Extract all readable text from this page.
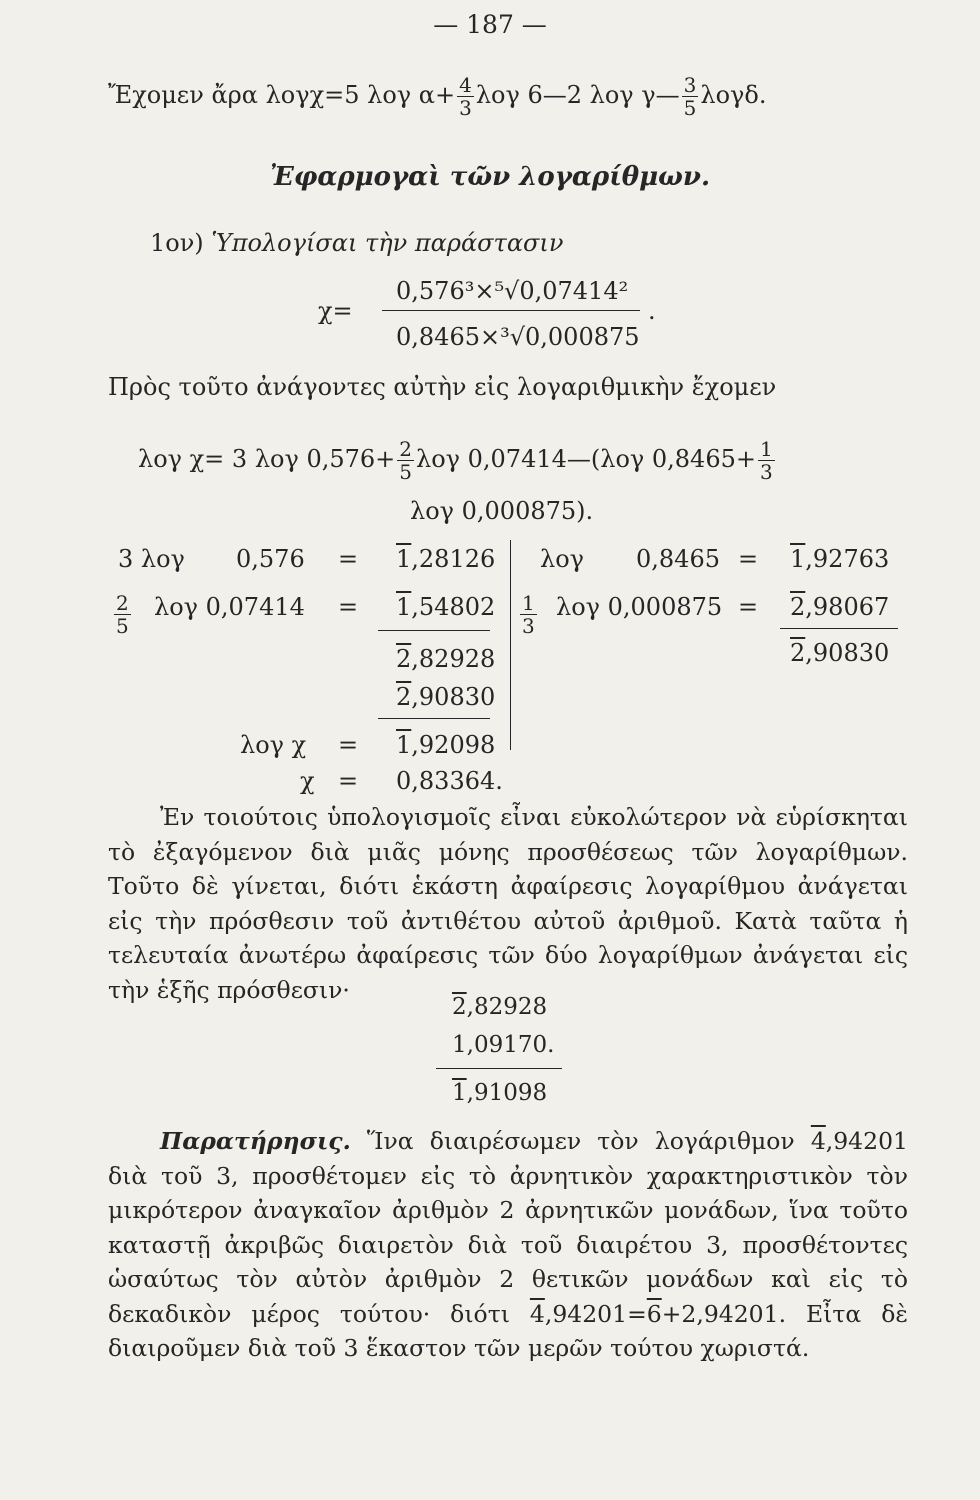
— 187 —
Ἔχομεν ἄρα λογχ=5 λογ $\alpha+ \frac{4}{3}$ λογ 6—2 λογ γ— $\frac{3}{5} \lambda o\gamma\delta$.
Ἐφαρμογαὶ τῶν λογαρίθμων.
1ον) Ὑπολογίσαι τὴν παράστασιν
χ=
0,576³×⁵√0,07414²
0,8465×³√0,000875
.
Πρὸς τοῦτο ἀνάγοντες αὐτὴν εἰς λογαριθμικὴν ἔχομεν
λογ χ= 3 λογ $0,576+ \frac{2}{5}$ λογ 0,07414—(λογ $0,8465+ \frac{1}{3}$
λογ 0,000875).
3 λογ 0,576 = 1,28126
$\frac{2}{5}$ λογ 0,07414 = 1,54802
2,82928
2,90830
λογ χ = 1,92098
χ = 0,83364.
λογ 0,8465 = 1,92763
$\frac{1}{3}$ λογ 0,000875 = 2,98067
2,90830

Ἐν τοιούτοις ὑπολογισμοῖς εἶναι εὐκολώτερον νὰ εὑρίσκηται τὸ ἐξαγόμενον διὰ μιᾶς μόνης προσθέσεως τῶν λογαρίθμων. Τοῦτο δὲ γίνεται, διότι ἑκάστη ἀφαίρεσις λογαρίθμου ἀνάγεται εἰς τὴν πρόσθεσιν τοῦ ἀντιθέτου αὐτοῦ ἀριθμοῦ. Κατὰ ταῦτα ἡ τελευταία ἀνωτέρω ἀφαίρεσις τῶν δύο λογαρίθμων ἀνάγεται εἰς τὴν ἑξῆς πρόσθεσιν·

2,82928
1,09170.
1,91098

Παρατήρησις. Ἵνα διαιρέσωμεν τὸν λογάριθμον 4,94201 διὰ τοῦ 3, προσθέτομεν εἰς τὸ ἀρνητικὸν χαρακτηριστικὸν τὸν μικρότερον ἀναγκαῖον ἀριθμὸν 2 ἀρνητικῶν μονάδων, ἵνα τοῦτο καταστῇ ἀκριβῶς διαιρετὸν διὰ τοῦ διαιρέτου 3, προσθέτοντες ὡσαύτως τὸν αὐτὸν ἀριθμὸν 2 θετικῶν μονάδων καὶ εἰς τὸ δεκαδικὸν μέρος τούτου· διότι 4,94201=6+2,94201. Εἶτα δὲ διαιροῦμεν διὰ τοῦ 3 ἕκαστον τῶν μερῶν τούτου χωριστά.
